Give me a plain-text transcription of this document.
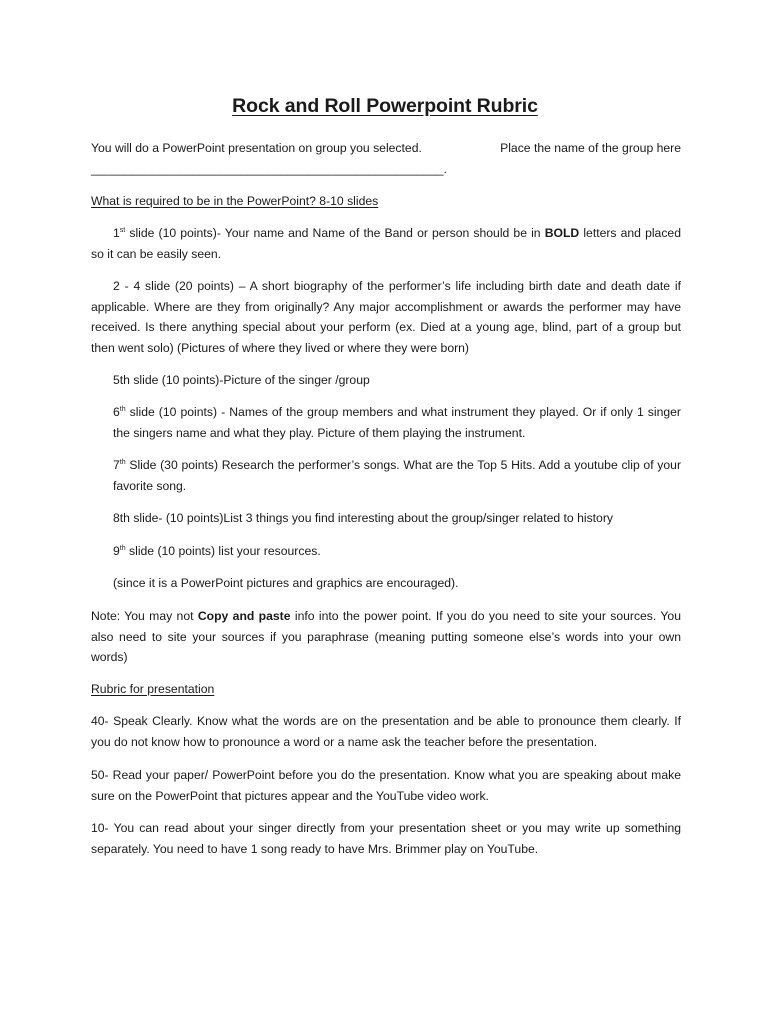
Rock and Roll Powerpoint Rubric
You will do a PowerPoint presentation on group you selected.	Place the name of the group here
____________________________________________________.
What is required to be in the PowerPoint? 8-10 slides
1st slide (10 points)- Your name and Name of the Band or person should be in BOLD letters and placed so it can be easily seen.
2 - 4 slide (20 points) – A short biography of the performer’s life including birth date and death date if applicable. Where are they from originally? Any major accomplishment or awards the performer may have received. Is there anything special about your perform (ex. Died at a young age, blind, part of a group but then went solo) (Pictures of where they lived or where they were born)
5th slide (10 points)-Picture of the singer /group
6th slide (10 points) - Names of the group members and what instrument they played. Or if only 1 singer the singers name and what they play. Picture of them playing the instrument.
7th Slide (30 points) Research the performer’s songs. What are the Top 5 Hits. Add a youtube clip of your favorite song.
8th slide- (10 points)List 3 things you find interesting about the group/singer related to history
9th slide (10 points) list your resources.
(since it is a PowerPoint pictures and graphics are encouraged).
Note: You may not Copy and paste info into the power point. If you do you need to site your sources. You also need to site your sources if you paraphrase (meaning putting someone else’s words into your own words)
Rubric for presentation
40- Speak Clearly. Know what the words are on the presentation and be able to pronounce them clearly. If you do not know how to pronounce a word or a name ask the teacher before the presentation.
50- Read your paper/ PowerPoint before you do the presentation. Know what you are speaking about make sure on the PowerPoint that pictures appear and the YouTube video work.
10- You can read about your singer directly from your presentation sheet or you may write up something separately. You need to have 1 song ready to have Mrs. Brimmer play on YouTube.
